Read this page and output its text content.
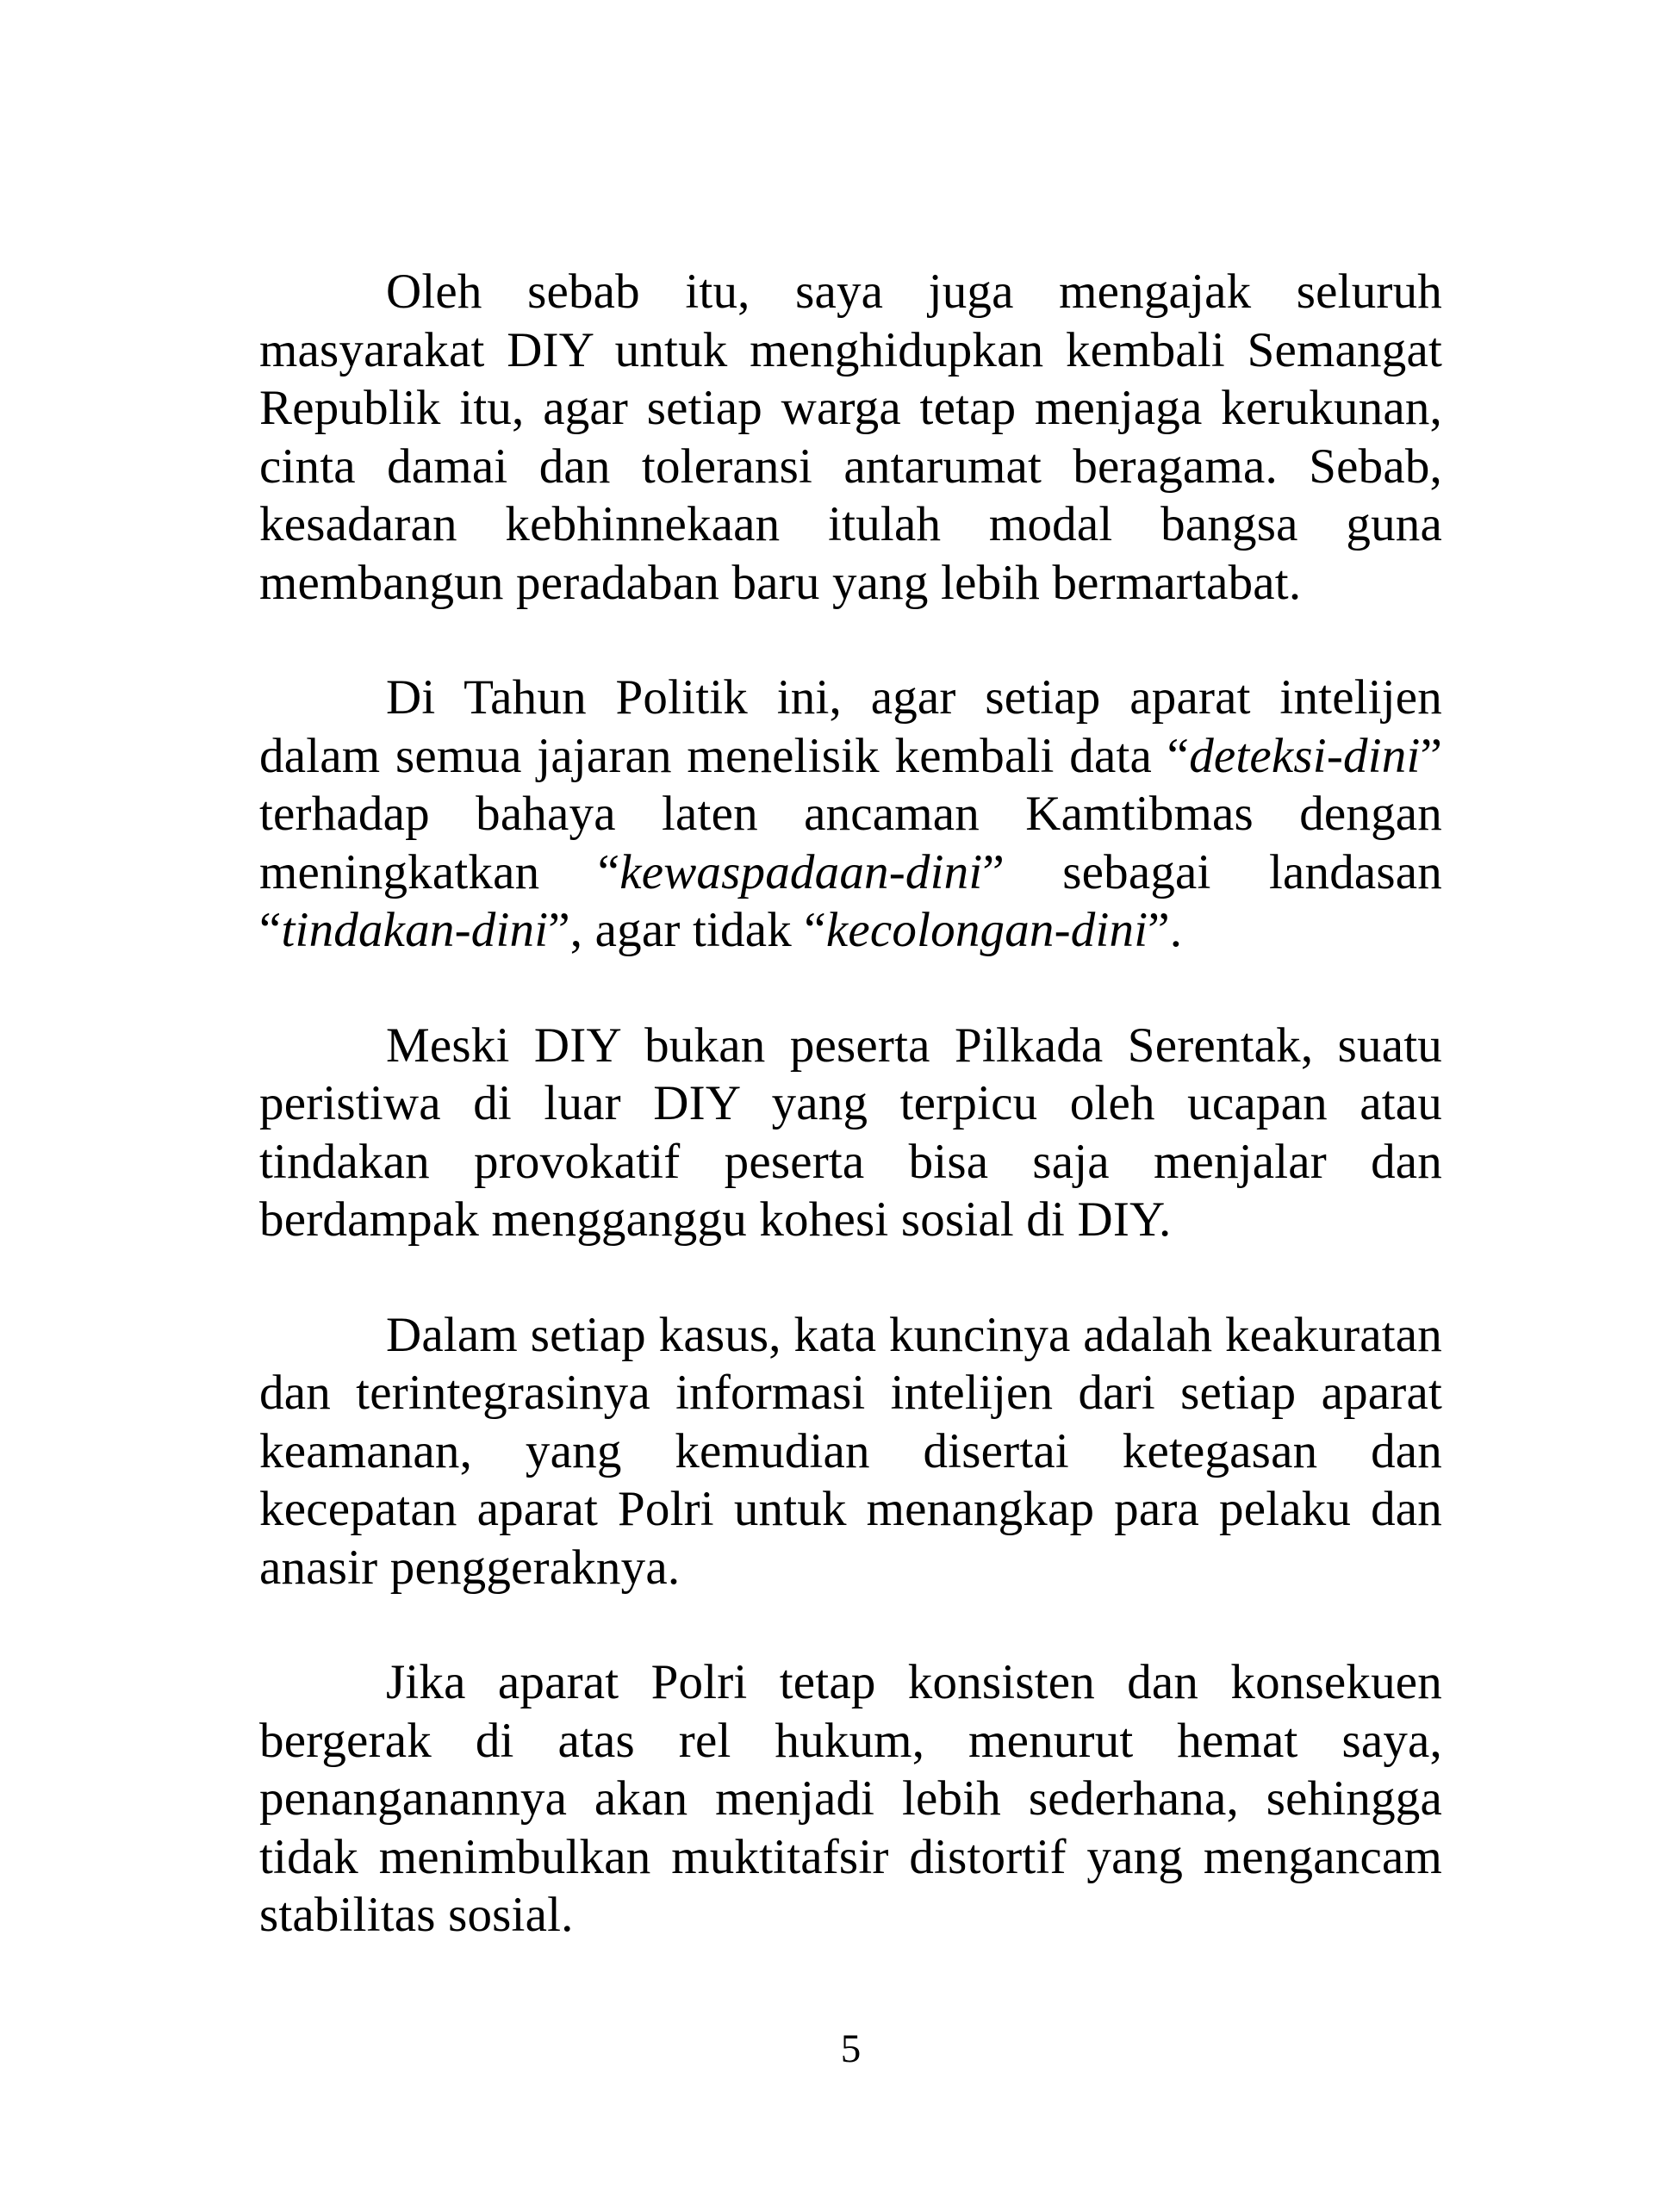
Oleh sebab itu, saya juga mengajak seluruh masyarakat DIY untuk menghidupkan kembali Semangat Republik itu, agar setiap warga tetap menjaga kerukunan, cinta damai dan toleransi antarumat beragama. Sebab, kesadaran kebhinnekaan itulah modal bangsa guna membangun peradaban baru yang lebih bermartabat.

Di Tahun Politik ini, agar setiap aparat intelijen dalam semua jajaran menelisik kembali data “deteksi-dini” terhadap bahaya laten ancaman Kamtibmas dengan meningkatkan “kewaspadaan-dini” sebagai landasan “tindakan-dini”, agar tidak “kecolongan-dini”.

Meski DIY bukan peserta Pilkada Serentak, suatu peristiwa di luar DIY yang terpicu oleh ucapan atau tindakan provokatif peserta bisa saja menjalar dan berdampak mengganggu kohesi sosial di DIY.

Dalam setiap kasus, kata kuncinya adalah keakuratan dan terintegrasinya informasi intelijen dari setiap aparat keamanan, yang kemudian disertai ketegasan dan kecepatan aparat Polri untuk menangkap para pelaku dan anasir penggeraknya.

Jika aparat Polri tetap konsisten dan konsekuen bergerak di atas rel hukum, menurut hemat saya, penanganannya akan menjadi lebih sederhana, sehingga tidak menimbulkan muktitafsir distortif yang mengancam stabilitas sosial.

5
